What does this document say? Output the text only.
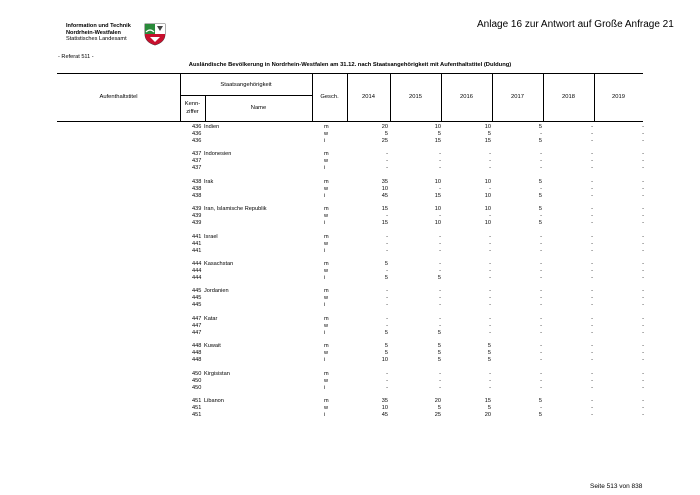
Information und Technik
Nordrhein-Westfalen
Statistisches Landesamt
Anlage 16 zur Antwort auf Große Anfrage 21
- Referat 511 -
Ausländische Bevölkerung in Nordrhein-Westfalen am 31.12. nach Staatsangehörigkeit mit Aufenthaltstitel (Duldung)
Aufenthaltstitel
Staatsangehörigkeit
Kenn-
ziffer
Name
Gesch.	2014	2015	2016	2017	2018	2019
436 Indien	m	20	10	10	5	-	-
436	w	5	5	5	-	-	-
436	i	25	15	15	5	-	-
437 Indonesien	m	-	-	-	-	-	-
437	w	-	-	-	-	-	-
437	i	-	-	-	-	-	-
438 Irak	m	35	10	10	5	-	-
438	w	10	-	-	-	-	-
438	i	45	15	10	5	-	-
439 Iran, Islamische Republik	m	15	10	10	5	-	-
439	w	-	-	-	-	-	-
439	i	15	10	10	5	-	-
441 Israel	m	-	-	-	-	-	-
441	w	-	-	-	-	-	-
441	i	-	-	-	-	-	-
444 Kasachstan	m	5	-	-	-	-	-
444	w	-	-	-	-	-	-
444	i	5	5	-	-	-	-
445 Jordanien	m	-	-	-	-	-	-
445	w	-	-	-	-	-	-
445	i	-	-	-	-	-	-
447 Katar	m	-	-	-	-	-	-
447	w	-	-	-	-	-	-
447	i	5	5	-	-	-	-
448 Kuwait	m	5	5	5	-	-	-
448	w	5	5	5	-	-	-
448	i	10	5	5	-	-	-
450 Kirgisistan	m	-	-	-	-	-	-
450	w	-	-	-	-	-	-
450	i	-	-	-	-	-	-
451 Libanon	m	35	20	15	5	-	-
451	w	10	5	5	-	-	-
451	i	45	25	20	5	-	-
Seite 513 von 838
